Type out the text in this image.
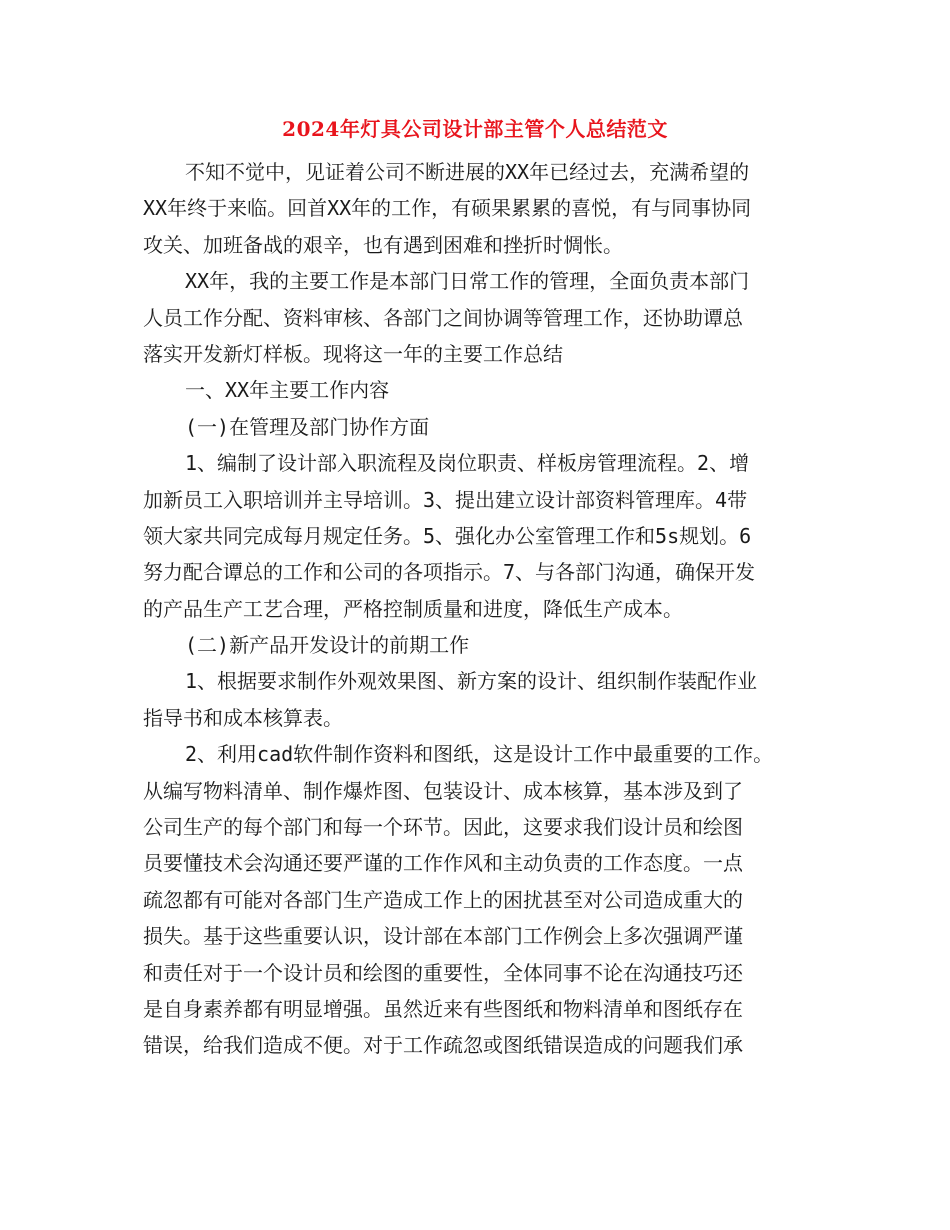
2024年灯具公司设计部主管个人总结范文
不知不觉中，见证着公司不断进展的XX年已经过去，充满希望的
XX年终于来临。回首XX年的工作，有硕果累累的喜悦，有与同事协同
攻关、加班备战的艰辛，也有遇到困难和挫折时惆怅。
XX年，我的主要工作是本部门日常工作的管理，全面负责本部门
人员工作分配、资料审核、各部门之间协调等管理工作，还协助谭总
落实开发新灯样板。现将这一年的主要工作总结
一、XX年主要工作内容
(一)在管理及部门协作方面
1、编制了设计部入职流程及岗位职责、样板房管理流程。2、增
加新员工入职培训并主导培训。3、提出建立设计部资料管理库。4带
领大家共同完成每月规定任务。5、强化办公室管理工作和5s规划。6
努力配合谭总的工作和公司的各项指示。7、与各部门沟通，确保开发
的产品生产工艺合理，严格控制质量和进度，降低生产成本。
(二)新产品开发设计的前期工作
1、根据要求制作外观效果图、新方案的设计、组织制作装配作业
指导书和成本核算表。
2、利用cad软件制作资料和图纸，这是设计工作中最重要的工作。
从编写物料清单、制作爆炸图、包装设计、成本核算，基本涉及到了
公司生产的每个部门和每一个环节。因此，这要求我们设计员和绘图
员要懂技术会沟通还要严谨的工作作风和主动负责的工作态度。一点
疏忽都有可能对各部门生产造成工作上的困扰甚至对公司造成重大的
损失。基于这些重要认识，设计部在本部门工作例会上多次强调严谨
和责任对于一个设计员和绘图的重要性，全体同事不论在沟通技巧还
是自身素养都有明显增强。虽然近来有些图纸和物料清单和图纸存在
错误，给我们造成不便。对于工作疏忽或图纸错误造成的问题我们承
